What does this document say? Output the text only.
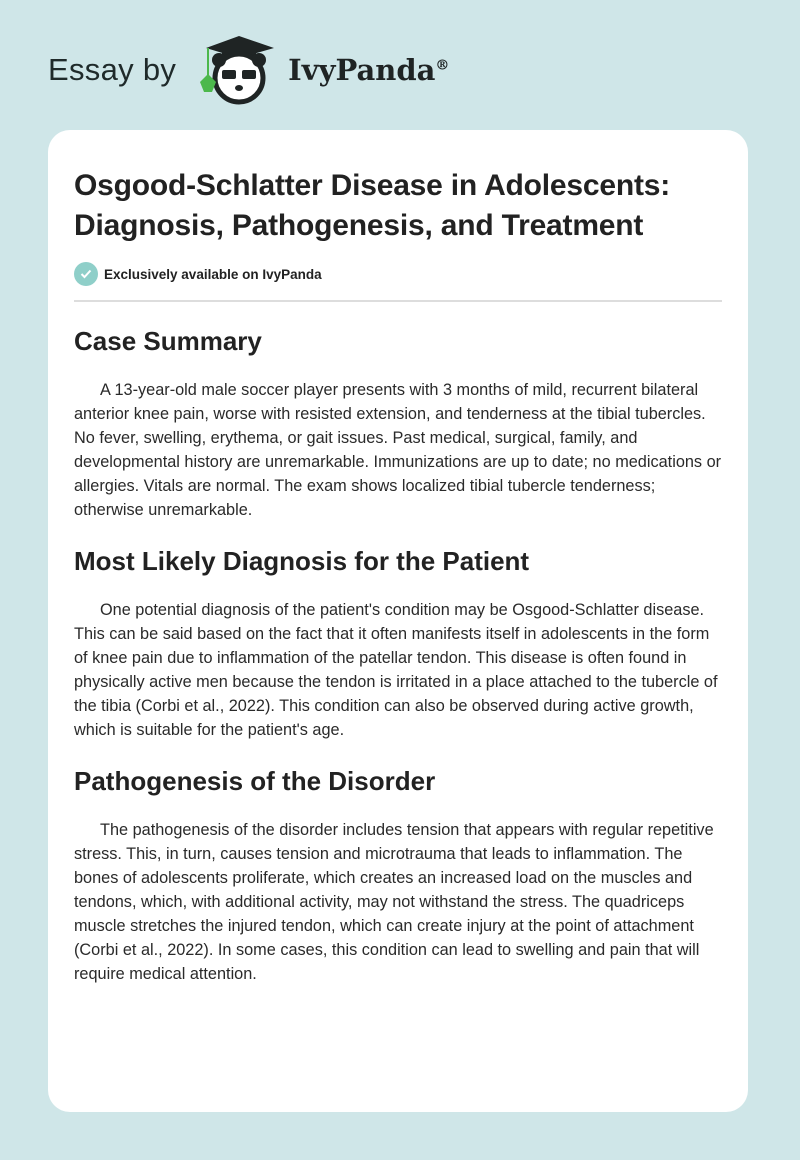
Essay by	IvyPanda®
Osgood-Schlatter Disease in Adolescents: Diagnosis, Pathogenesis, and Treatment
Exclusively available on IvyPanda
Case Summary

A 13-year-old male soccer player presents with 3 months of mild, recurrent bilateral anterior knee pain, worse with resisted extension, and tenderness at the tibial tubercles. No fever, swelling, erythema, or gait issues. Past medical, surgical, family, and developmental history are unremarkable. Immunizations are up to date; no medications or allergies. Vitals are normal. The exam shows localized tibial tubercle tenderness; otherwise unremarkable.

Most Likely Diagnosis for the Patient

One potential diagnosis of the patient's condition may be Osgood-Schlatter disease. This can be said based on the fact that it often manifests itself in adolescents in the form of knee pain due to inflammation of the patellar tendon. This disease is often found in physically active men because the tendon is irritated in a place attached to the tubercle of the tibia (Corbi et al., 2022). This condition can also be observed during active growth, which is suitable for the patient's age.

Pathogenesis of the Disorder

The pathogenesis of the disorder includes tension that appears with regular repetitive stress. This, in turn, causes tension and microtrauma that leads to inflammation. The bones of adolescents proliferate, which creates an increased load on the muscles and tendons, which, with additional activity, may not withstand the stress. The quadriceps muscle stretches the injured tendon, which can create injury at the point of attachment (Corbi et al., 2022). In some cases, this condition can lead to swelling and pain that will require medical attention.
